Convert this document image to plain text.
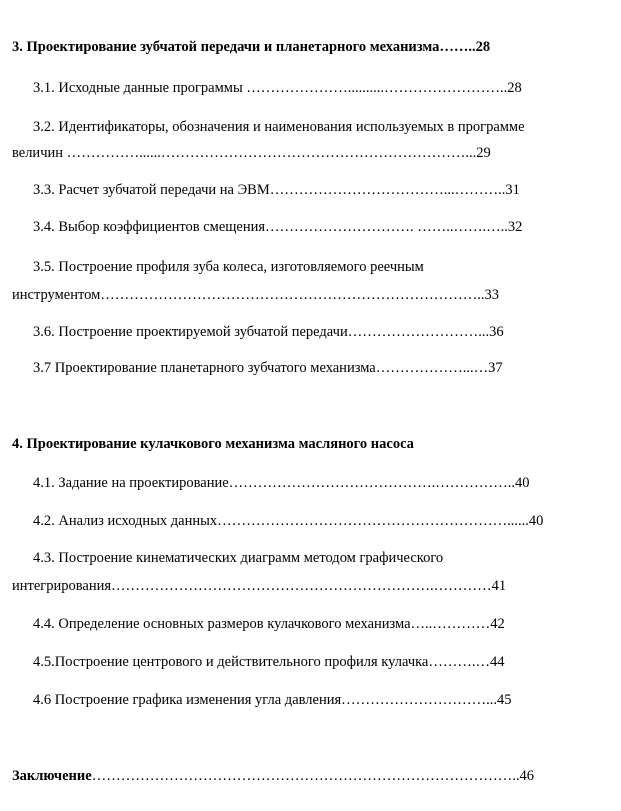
3. Проектирование зубчатой передачи и планетарного механизма……..28
3.1. Исходные данные программы …………………..........……………………..28
3.2. Идентификаторы, обозначения и наименования используемых в программе
величин ……………......………………………………………………………...29
3.3. Расчет зубчатой передачи на ЭВМ………………………………...………..31
3.4. Выбор коэффициентов смещения…………………………. ……..…….…..32
3.5. Построение профиля зуба колеса, изготовляемого реечным
инструментом……………………………………………………………………..33
3.6. Построение проектируемой зубчатой передачи………………………...36
3.7 Проектирование планетарного зубчатого механизма………………...…37
4. Проектирование кулачкового механизма масляного насоса
4.1. Задание на проектирование…………………………………….……………..40
4.2. Анализ исходных данных……………………………………………………......40
4.3. Построение кинематических диаграмм методом графического
интегрирования………………………………………………………….…………41
4.4. Определение основных размеров кулачкового механизма…..…………42
4.5.Построение центрового и действительного профиля кулачка……….…44
4.6 Построение графика изменения угла давления…………………………...45
Заключение……………………………………………………………………………..46
